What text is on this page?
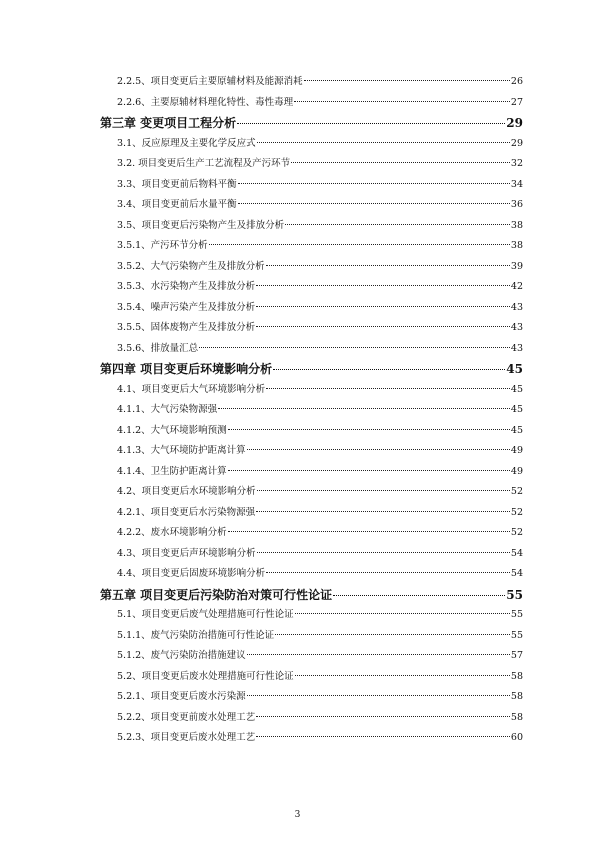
2.2.5、项目变更后主要原辅材料及能源消耗	26
2.2.6、主要原辅材料理化特性、毒性毒理	27
第三章 变更项目工程分析	29
3.1、反应原理及主要化学反应式	29
3.2. 项目变更后生产工艺流程及产污环节	32
3.3、项目变更前后物料平衡	34
3.4、项目变更前后水量平衡	36
3.5、项目变更后污染物产生及排放分析	38
3.5.1、产污环节分析	38
3.5.2、大气污染物产生及排放分析	39
3.5.3、水污染物产生及排放分析	42
3.5.4、噪声污染产生及排放分析	43
3.5.5、固体废物产生及排放分析	43
3.5.6、排放量汇总	43
第四章 项目变更后环境影响分析	45
4.1、项目变更后大气环境影响分析	45
4.1.1、大气污染物源强	45
4.1.2、大气环境影响预测	45
4.1.3、大气环境防护距离计算	49
4.1.4、卫生防护距离计算	49
4.2、项目变更后水环境影响分析	52
4.2.1、项目变更后水污染物源强	52
4.2.2、废水环境影响分析	52
4.3、项目变更后声环境影响分析	54
4.4、项目变更后固废环境影响分析	54
第五章 项目变更后污染防治对策可行性论证	55
5.1、项目变更后废气处理措施可行性论证	55
5.1.1、废气污染防治措施可行性论证	55
5.1.2、废气污染防治措施建议	57
5.2、项目变更后废水处理措施可行性论证	58
5.2.1、项目变更后废水污染源	58
5.2.2、项目变更前废水处理工艺	58
5.2.3、项目变更后废水处理工艺	60
3
